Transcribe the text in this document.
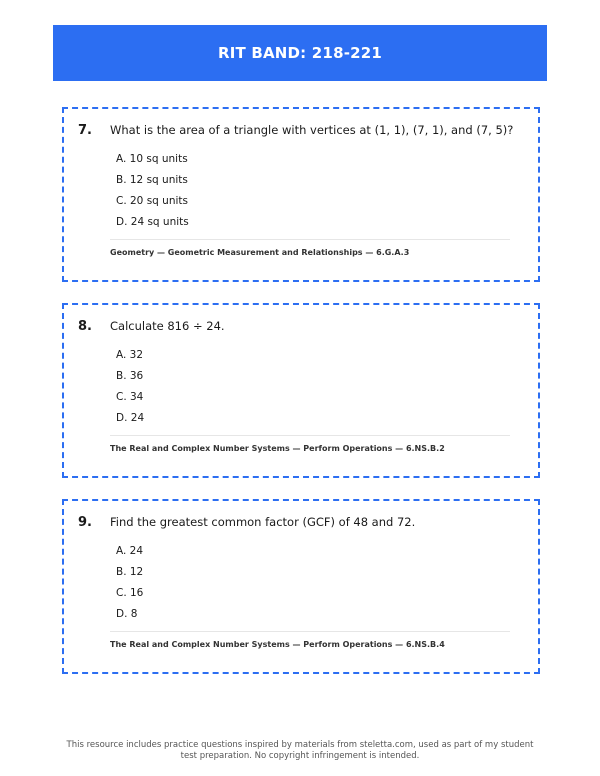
RIT BAND: 218-221
7.	What is the area of a triangle with vertices at (1, 1), (7, 1), and (7, 5)?
A. 10 sq units
B. 12 sq units
C. 20 sq units
D. 24 sq units
Geometry — Geometric Measurement and Relationships — 6.G.A.3
8.	Calculate 816 ÷ 24.
A. 32
B. 36
C. 34
D. 24
The Real and Complex Number Systems — Perform Operations — 6.NS.B.2
9.	Find the greatest common factor (GCF) of 48 and 72.
A. 24
B. 12
C. 16
D. 8
The Real and Complex Number Systems — Perform Operations — 6.NS.B.4
This resource includes practice questions inspired by materials from steletta.com, used as part of my student test preparation. No copyright infringement is intended.
